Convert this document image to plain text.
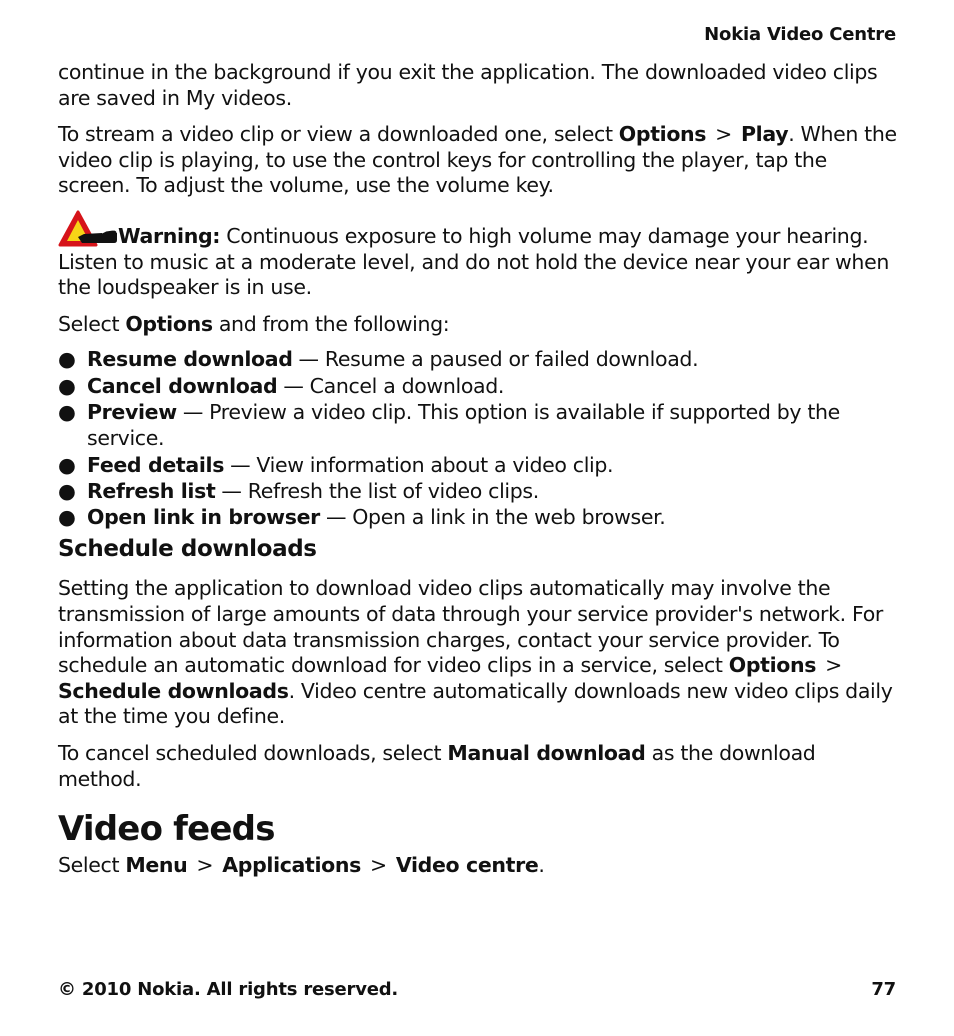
Nokia Video Centre

continue in the background if you exit the application. The downloaded video clips are saved in My videos.

To stream a video clip or view a downloaded one, select Options > Play. When the video clip is playing, to use the control keys for controlling the player, tap the screen. To adjust the volume, use the volume key.

Warning: Continuous exposure to high volume may damage your hearing. Listen to music at a moderate level, and do not hold the device near your ear when the loudspeaker is in use.

Select Options and from the following:

● Resume download — Resume a paused or failed download.
● Cancel download — Cancel a download.
● Preview — Preview a video clip. This option is available if supported by the service.
● Feed details — View information about a video clip.
● Refresh list — Refresh the list of video clips.
● Open link in browser — Open a link in the web browser.
Schedule downloads

Setting the application to download video clips automatically may involve the transmission of large amounts of data through your service provider's network. For information about data transmission charges, contact your service provider. To schedule an automatic download for video clips in a service, select Options >
Schedule downloads. Video centre automatically downloads new video clips daily at the time you define.

To cancel scheduled downloads, select Manual download as the download method.

Video feeds

Select Menu > Applications > Video centre.

© 2010 Nokia. All rights reserved.	77
